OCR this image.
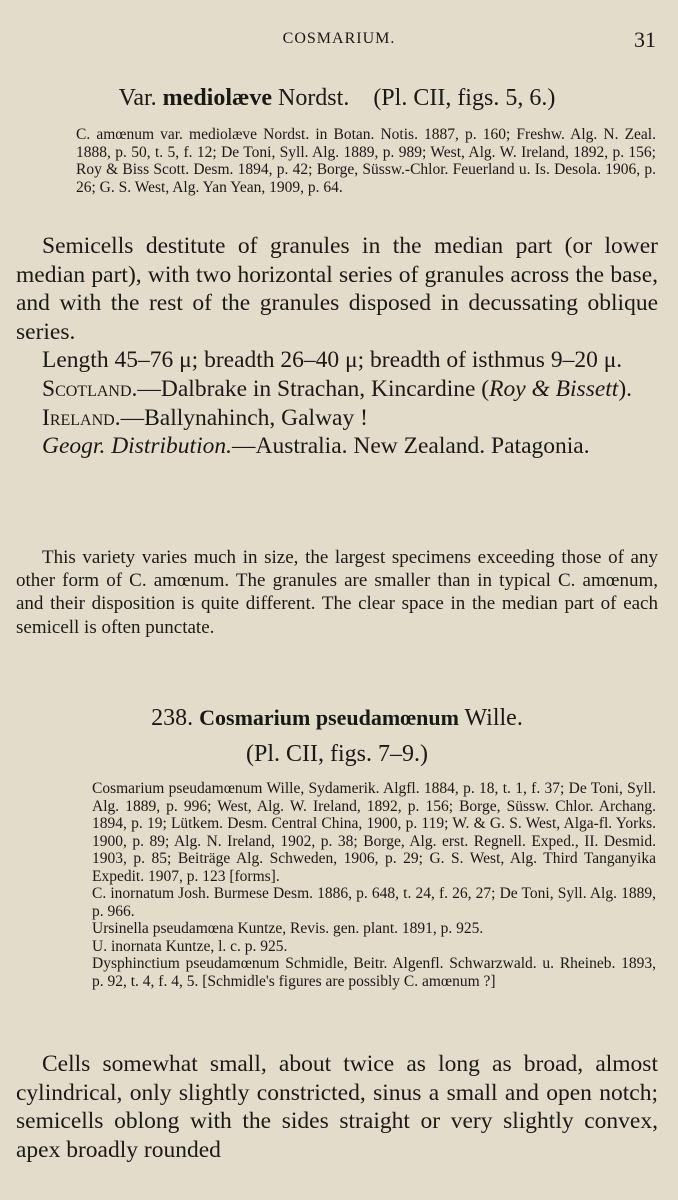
COSMARIUM.	31

Var. mediolæve Nordst.    (Pl. CII, figs. 5, 6.)

C. amœnum var. mediolæve Nordst. in Botan. Notis. 1887, p. 160; Freshw. Alg. N. Zeal. 1888, p. 50, t. 5, f. 12; De Toni, Syll. Alg. 1889, p. 989; West, Alg. W. Ireland, 1892, p. 156; Roy & Biss Scott. Desm. 1894, p. 42; Borge, Süssw.-Chlor. Feuerland u. Is. Desola. 1906, p. 26; G. S. West, Alg. Yan Yean, 1909, p. 64.

Semicells destitute of granules in the median part (or lower median part), with two horizontal series of granules across the base, and with the rest of the granules disposed in decussating oblique series.

Length 45–76 μ; breadth 26–40 μ; breadth of isthmus 9–20 μ.

Scotland.—Dalbrake in Strachan, Kincardine (Roy & Bissett).

Ireland.—Ballynahinch, Galway !

Geogr. Distribution.—Australia. New Zealand. Patagonia.

This variety varies much in size, the largest specimens exceeding those of any other form of C. amœnum. The granules are smaller than in typical C. amœnum, and their disposition is quite different. The clear space in the median part of each semicell is often punctate.

238. Cosmarium pseudamœnum Wille.

(Pl. CII, figs. 7–9.)

Cosmarium pseudamœnum Wille, Sydamerik. Algfl. 1884, p. 18, t. 1, f. 37; De Toni, Syll. Alg. 1889, p. 996; West, Alg. W. Ireland, 1892, p. 156; Borge, Süssw. Chlor. Archang. 1894, p. 19; Lütkem. Desm. Central China, 1900, p. 119; W. & G. S. West, Alga-fl. Yorks. 1900, p. 89; Alg. N. Ireland, 1902, p. 38; Borge, Alg. erst. Regnell. Exped., II. Desmid. 1903, p. 85; Beiträge Alg. Schweden, 1906, p. 29; G. S. West, Alg. Third Tanganyika Expedit. 1907, p. 123 [forms].

C. inornatum Josh. Burmese Desm. 1886, p. 648, t. 24, f. 26, 27; De Toni, Syll. Alg. 1889, p. 966.

Ursinella pseudamœna Kuntze, Revis. gen. plant. 1891, p. 925.

U. inornata Kuntze, l. c. p. 925.

Dysphinctium pseudamœnum Schmidle, Beitr. Algenfl. Schwarzwald. u. Rheineb. 1893, p. 92, t. 4, f. 4, 5. [Schmidle's figures are possibly C. amœnum ?]

Cells somewhat small, about twice as long as broad, almost cylindrical, only slightly constricted, sinus a small and open notch; semicells oblong with the sides straight or very slightly convex, apex broadly rounded
